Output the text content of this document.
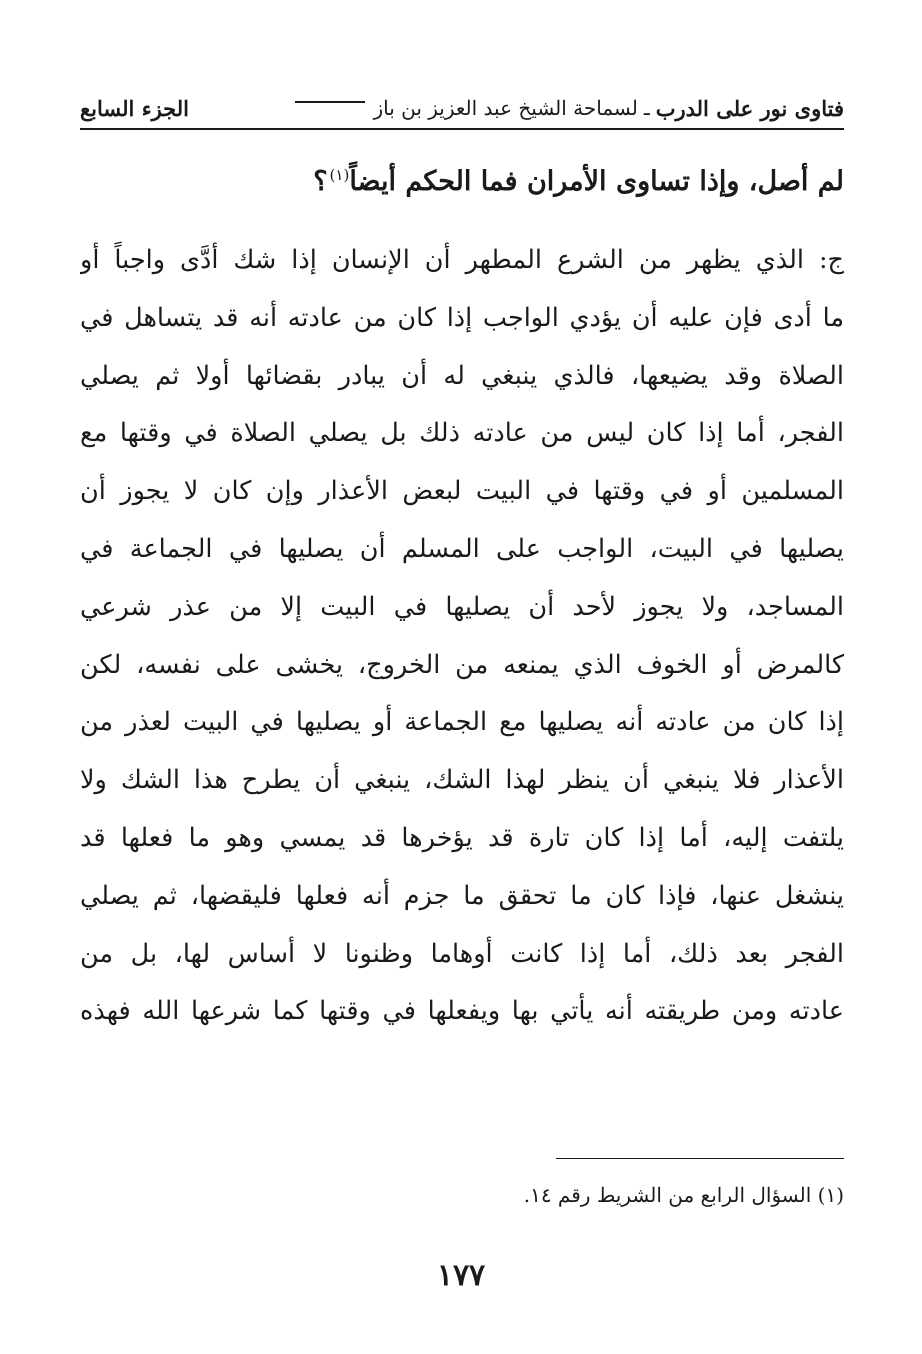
فتاوى نور على الدرب
ـ
لسماحة الشيخ عبد العزيز بن باز
الجزء السابع
لم أصل، وإذا تساوى الأمران فما الحكم أيضاً$^{(١)}$؟
ج: الذي يظهر من الشرع المطهر أن الإنسان إذا شك أدَّى واجباً أو
ما أدى فإن عليه أن يؤدي الواجب إذا كان من عادته أنه قد يتساهل في
الصلاة وقد يضيعها، فالذي ينبغي له أن يبادر بقضائها أولا ثم يصلي
الفجر، أما إذا كان ليس من عادته ذلك بل يصلي الصلاة في وقتها مع
المسلمين أو في وقتها في البيت لبعض الأعذار وإن كان لا يجوز أن
يصليها في البيت، الواجب على المسلم أن يصليها في الجماعة في
المساجد، ولا يجوز لأحد أن يصليها في البيت إلا من عذر شرعي
كالمرض أو الخوف الذي يمنعه من الخروج، يخشى على نفسه، لكن
إذا كان من عادته أنه يصليها مع الجماعة أو يصليها في البيت لعذر من
الأعذار فلا ينبغي أن ينظر لهذا الشك، ينبغي أن يطرح هذا الشك ولا
يلتفت إليه، أما إذا كان تارة قد يؤخرها قد يمسي وهو ما فعلها قد
ينشغل عنها، فإذا كان ما تحقق ما جزم أنه فعلها فليقضها، ثم يصلي
الفجر بعد ذلك، أما إذا كانت أوهاما وظنونا لا أساس لها، بل من
عادته ومن طريقته أنه يأتي بها ويفعلها في وقتها كما شرعها الله فهذه
(١) السؤال الرابع من الشريط رقم ١٤.
١٧٧
